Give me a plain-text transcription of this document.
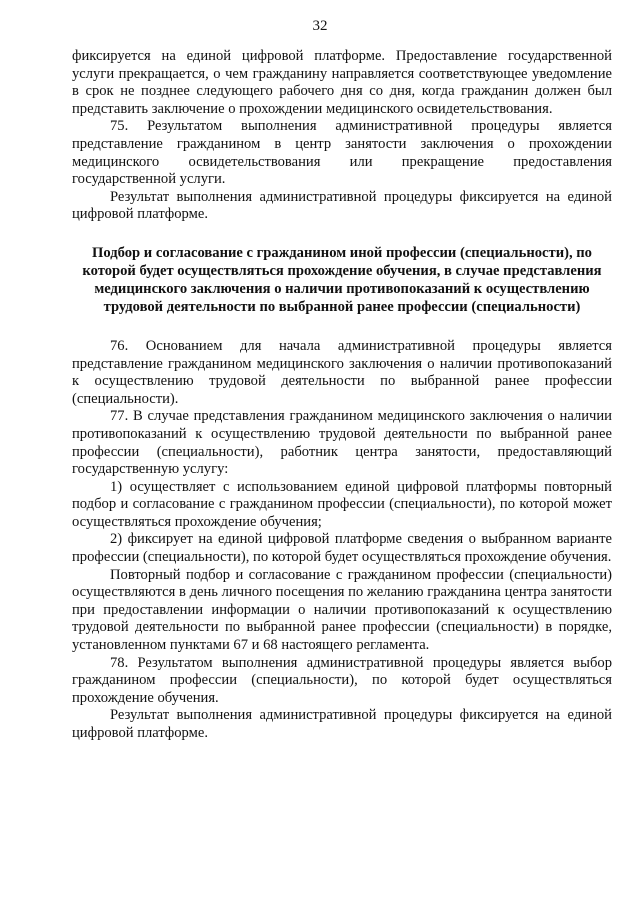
32

фиксируется на единой цифровой платформе. Предоставление государственной услуги прекращается, о чем гражданину направляется соответствующее уведомление в срок не позднее следующего рабочего дня со дня, когда гражданин должен был представить заключение о прохождении медицинского освидетельствования.

75. Результатом выполнения административной процедуры является представление гражданином в центр занятости заключения о прохождении медицинского освидетельствования или прекращение предоставления государственной услуги.

Результат выполнения административной процедуры фиксируется на единой цифровой платформе.

Подбор и согласование с гражданином иной профессии (специальности), по которой будет осуществляться прохождение обучения, в случае представления медицинского заключения о наличии противопоказаний к осуществлению трудовой деятельности по выбранной ранее профессии (специальности)

76. Основанием для начала административной процедуры является представление гражданином медицинского заключения о наличии противопоказаний к осуществлению трудовой деятельности по выбранной ранее профессии (специальности).

77. В случае представления гражданином медицинского заключения о наличии противопоказаний к осуществлению трудовой деятельности по выбранной ранее профессии (специальности), работник центра занятости, предоставляющий государственную услугу:

1) осуществляет с использованием единой цифровой платформы повторный подбор и согласование с гражданином профессии (специальности), по которой может осуществляться прохождение обучения;

2) фиксирует на единой цифровой платформе сведения о выбранном варианте профессии (специальности), по которой будет осуществляться прохождение обучения.

Повторный подбор и согласование с гражданином профессии (специальности) осуществляются в день личного посещения по желанию гражданина центра занятости при предоставлении информации о наличии противопоказаний к осуществлению трудовой деятельности по выбранной ранее профессии (специальности) в порядке, установленном пунктами 67 и 68 настоящего регламента.

78. Результатом выполнения административной процедуры является выбор гражданином профессии (специальности), по которой будет осуществляться прохождение обучения.

Результат выполнения административной процедуры фиксируется на единой цифровой платформе.
